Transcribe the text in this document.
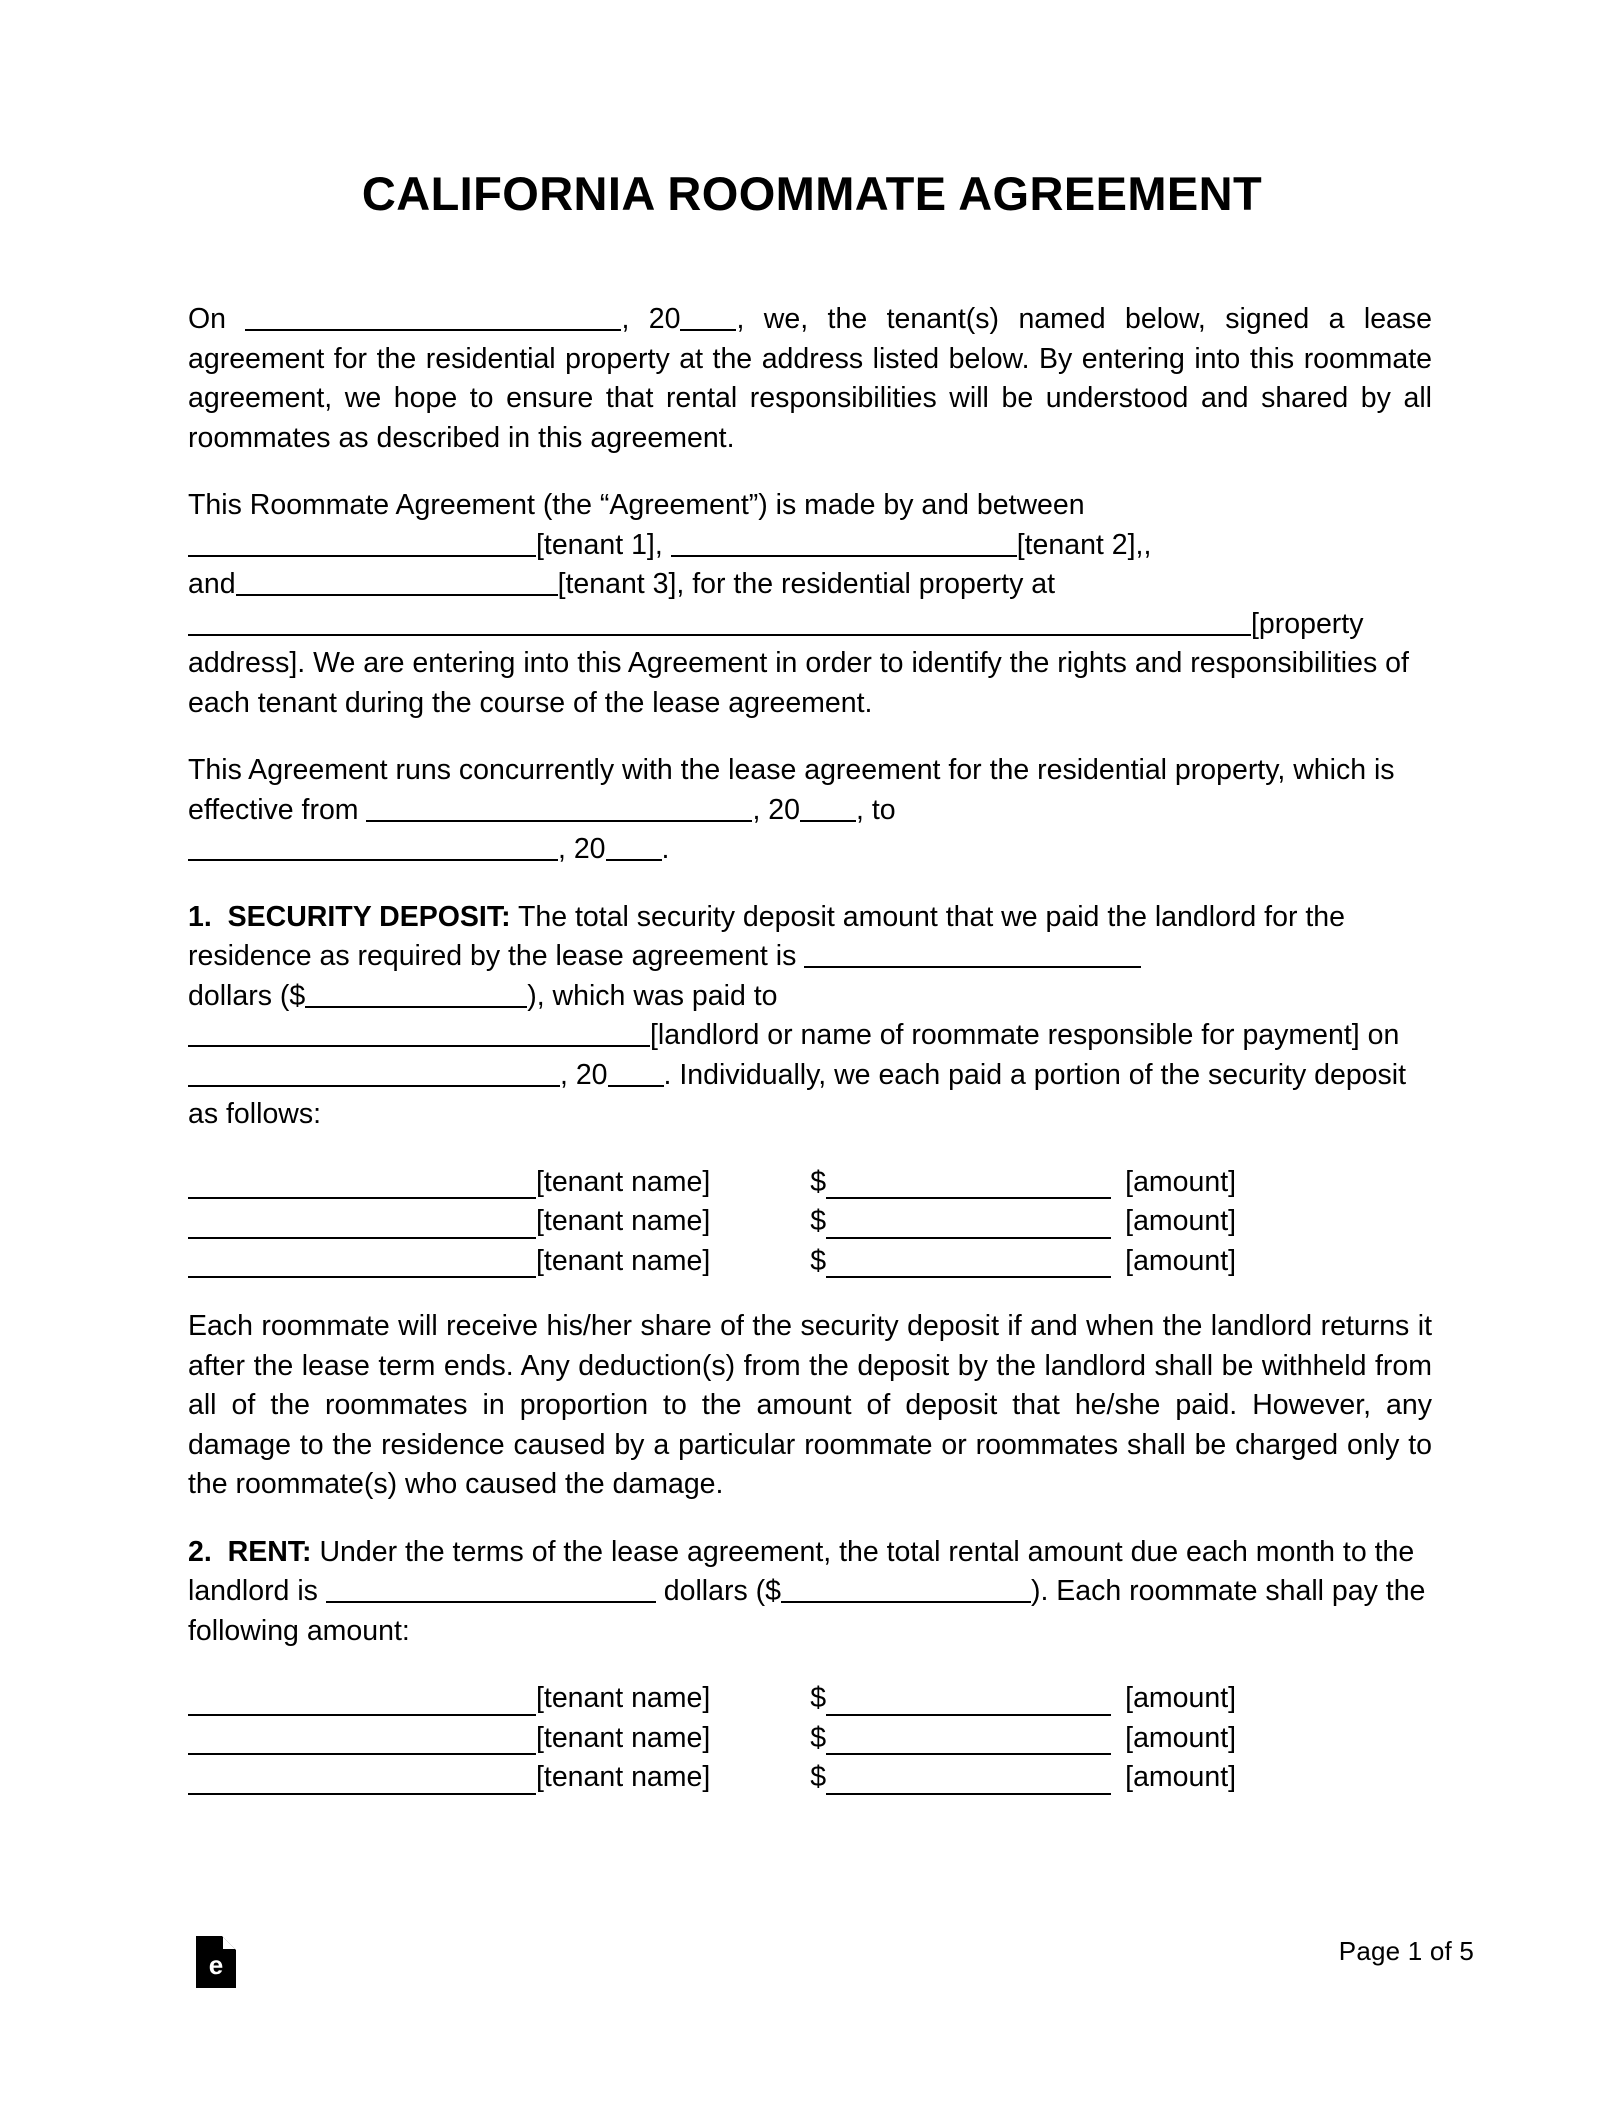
CALIFORNIA ROOMMATE AGREEMENT

On	, 20 , we, the tenant(s) named below, signed a lease agreement for the residential property at the address listed below. By entering into this roommate agreement, we hope to ensure that rental responsibilities will be understood and shared by all roommates as described in this agreement.

This Roommate Agreement (the “Agreement”) is made by and between
[tenant 1],	[tenant 2],,
and	[tenant 3], for the residential property at
[property address]. We are entering into this Agreement in order to identify the rights and responsibilities of each tenant during the course of the lease agreement.

This Agreement runs concurrently with the lease agreement for the residential property, which is effective from	, 20 , to
, 20 .

1. SECURITY DEPOSIT: The total security deposit amount that we paid the landlord for the residence as required by the lease agreement is
dollars ($	), which was paid to
[landlord or name of roommate responsible for payment] on , 20 . Individually, we each paid a portion of the security deposit as follows:

[tenant name]	$	[amount]
[tenant name]	$	[amount]
[tenant name]	$	[amount]

Each roommate will receive his/her share of the security deposit if and when the landlord returns it after the lease term ends. Any deduction(s) from the deposit by the landlord shall be withheld from all of the roommates in proportion to the amount of deposit that he/she paid. However, any damage to the residence caused by a particular roommate or roommates shall be charged only to the roommate(s) who caused the damage.

2. RENT: Under the terms of the lease agreement, the total rental amount due each month to the landlord is	dollars ($	). Each roommate shall pay the following amount:

[tenant name]	$	[amount]
[tenant name]	$	[amount]
[tenant name]	$	[amount]
e	Page 1 of 5
